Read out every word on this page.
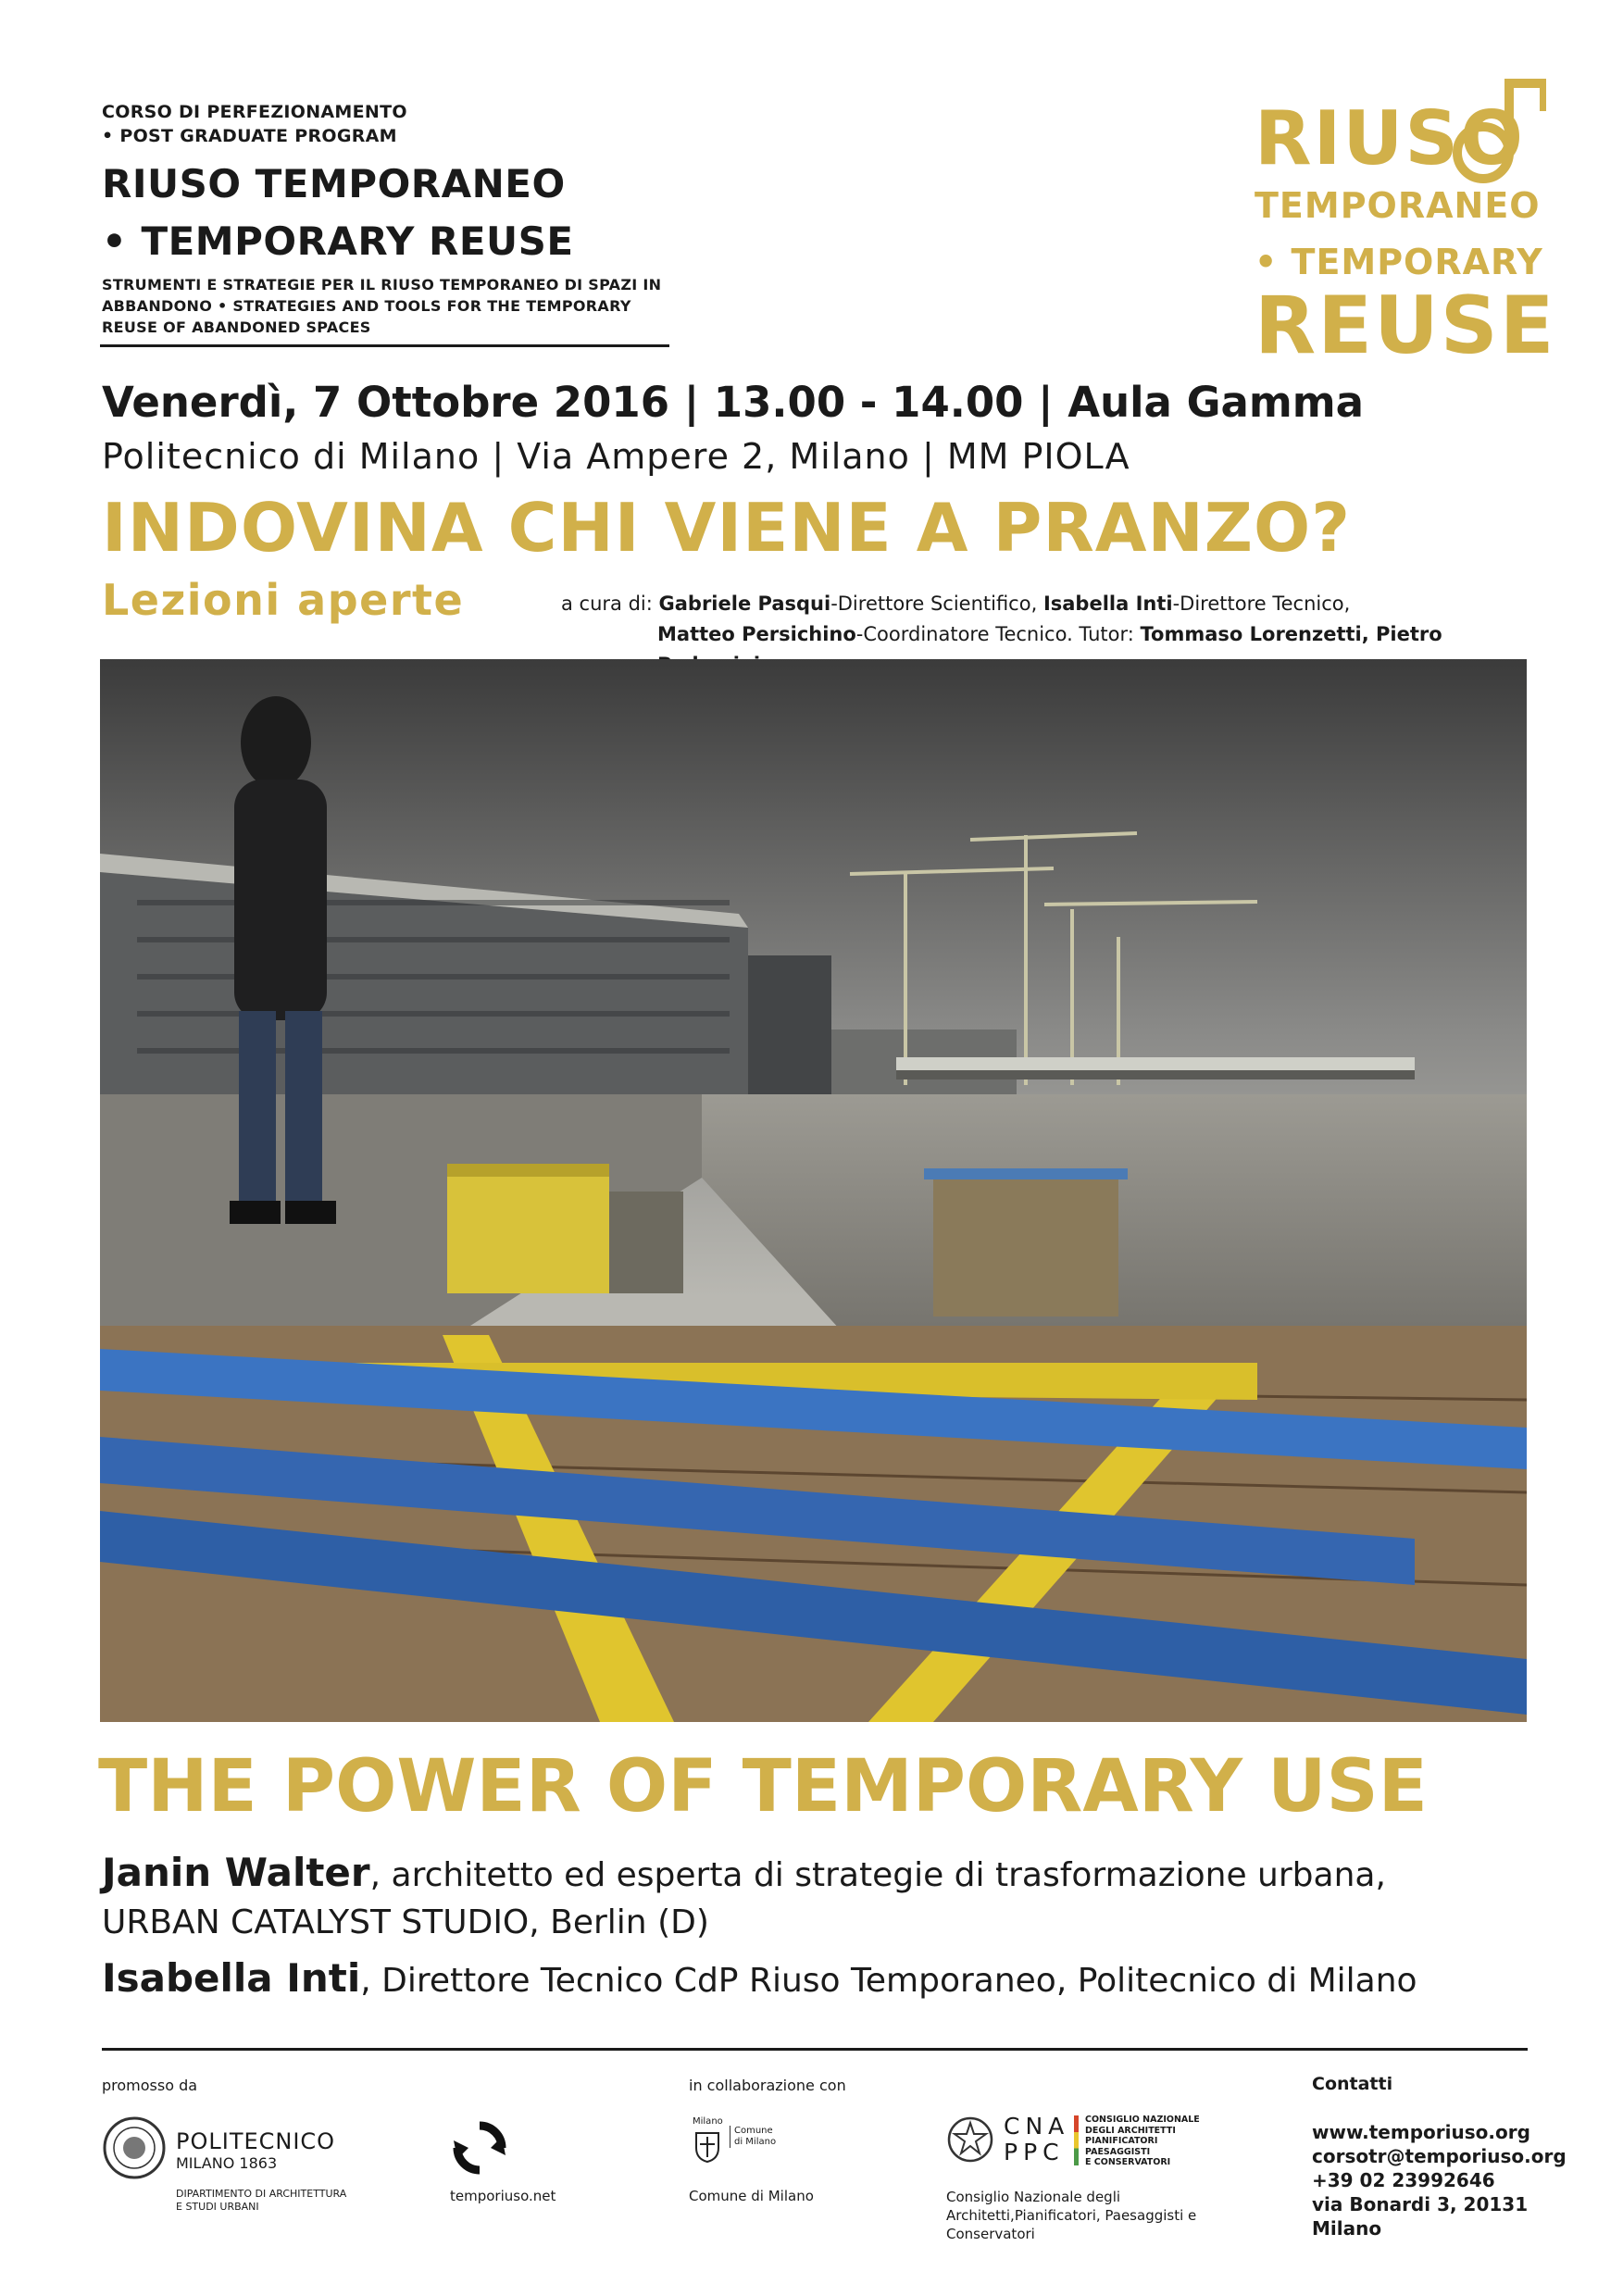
CORSO DI PERFEZIONAMENTO
• POST GRADUATE PROGRAM
RIUSO TEMPORANEO
• TEMPORARY REUSE
STRUMENTI E STRATEGIE PER IL RIUSO TEMPORANEO DI SPAZI IN ABBANDONO • STRATEGIES AND TOOLS FOR THE TEMPORARY REUSE OF ABANDONED SPACES
RIUSO
TEMPORANEO
• TEMPORARY
REUSE
Venerdì, 7 Ottobre 2016 | 13.00 - 14.00 | Aula Gamma
Politecnico di Milano | Via Ampere 2, Milano | MM PIOLA
INDOVINA CHI VIENE A PRANZO?
Lezioni aperte	a cura di: Gabriele Pasqui-Direttore Scientifico, Isabella Inti-Direttore Tecnico,
Matteo Persichino-Coordinatore Tecnico. Tutor: Tommaso Lorenzetti, Pietro
THE POWER OF TEMPORARY USE
Janin Walter, architetto ed esperta di strategie di trasformazione urbana,
URBAN CATALYST STUDIO, Berlin (D)
Isabella Inti, Direttore Tecnico CdP Riuso Temporaneo, Politecnico di Milano
promosso da
POLITECNICO
MILANO 1863
DIPARTIMENTO DI ARCHITETTURA
E STUDI URBANI
temporiuso.net
in collaborazione con
Milano
Comune
di Milano
Comune di Milano
CNA
PPC
CONSIGLIO NAZIONALE
DEGLI ARCHITETTI
PIANIFICATORI
PAESAGGISTI
E CONSERVATORI
Consiglio Nazionale degli
Architetti,Pianificatori, Paesaggisti e
Conservatori
Contatti
www.temporiuso.org
corsotr@temporiuso.org
+39 02 23992646
via Bonardi 3, 20131
Milano
